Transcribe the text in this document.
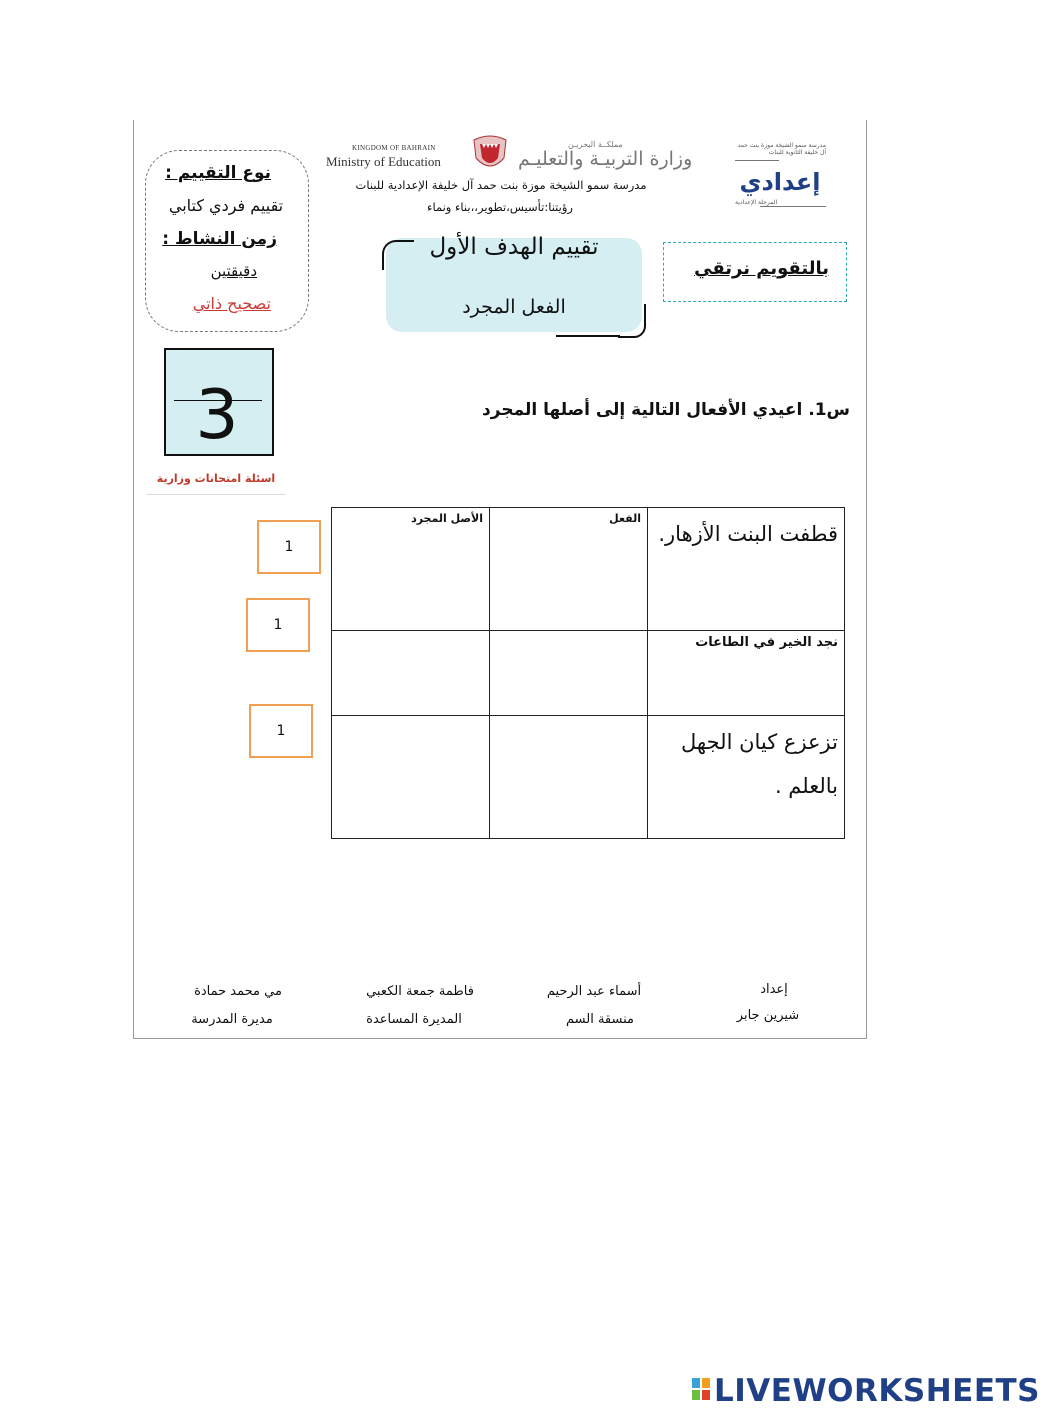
KINGDOM OF BAHRAIN
Ministry of Education
مملكــة البحريـن
وزارة التربيـة والتعليـم
مدرسة سمو الشيخة موزة بنت حمد آل خليفة الإعدادية للبنات
رؤيتنا:تأسيس،تطوير،،بناء ونماء
مدرسة سمو الشيخة موزة بنت حمد آل خليفة الثانوية للبنات
إعدادي
المرحلة الإعدادية
نوع التقييم :
تقييم فردي كتابي
زمن النشاط :
دقيقتين
تصحيح ذاتي
تقييم الهدف الأول
الفعل المجرد
بالتقويم نرتقي
3
اسئلة امتحانات وزارية
س1. اعيدي الأفعال التالية إلى أصلها المجرد
قطفت البنت الأزهار.	الفعل	الأصل المجرد

نجد الخير في الطاعات		
تزعزع كيان الجهل بالعلم .		
1
1
1
إعداد
شيرين جابر
أسماء عبد الرحيم
منسقة السم
فاطمة جمعة الكعبي
المديرة المساعدة
مي محمد حمادة
مديرة المدرسة
LIVEWORKSHEETS
